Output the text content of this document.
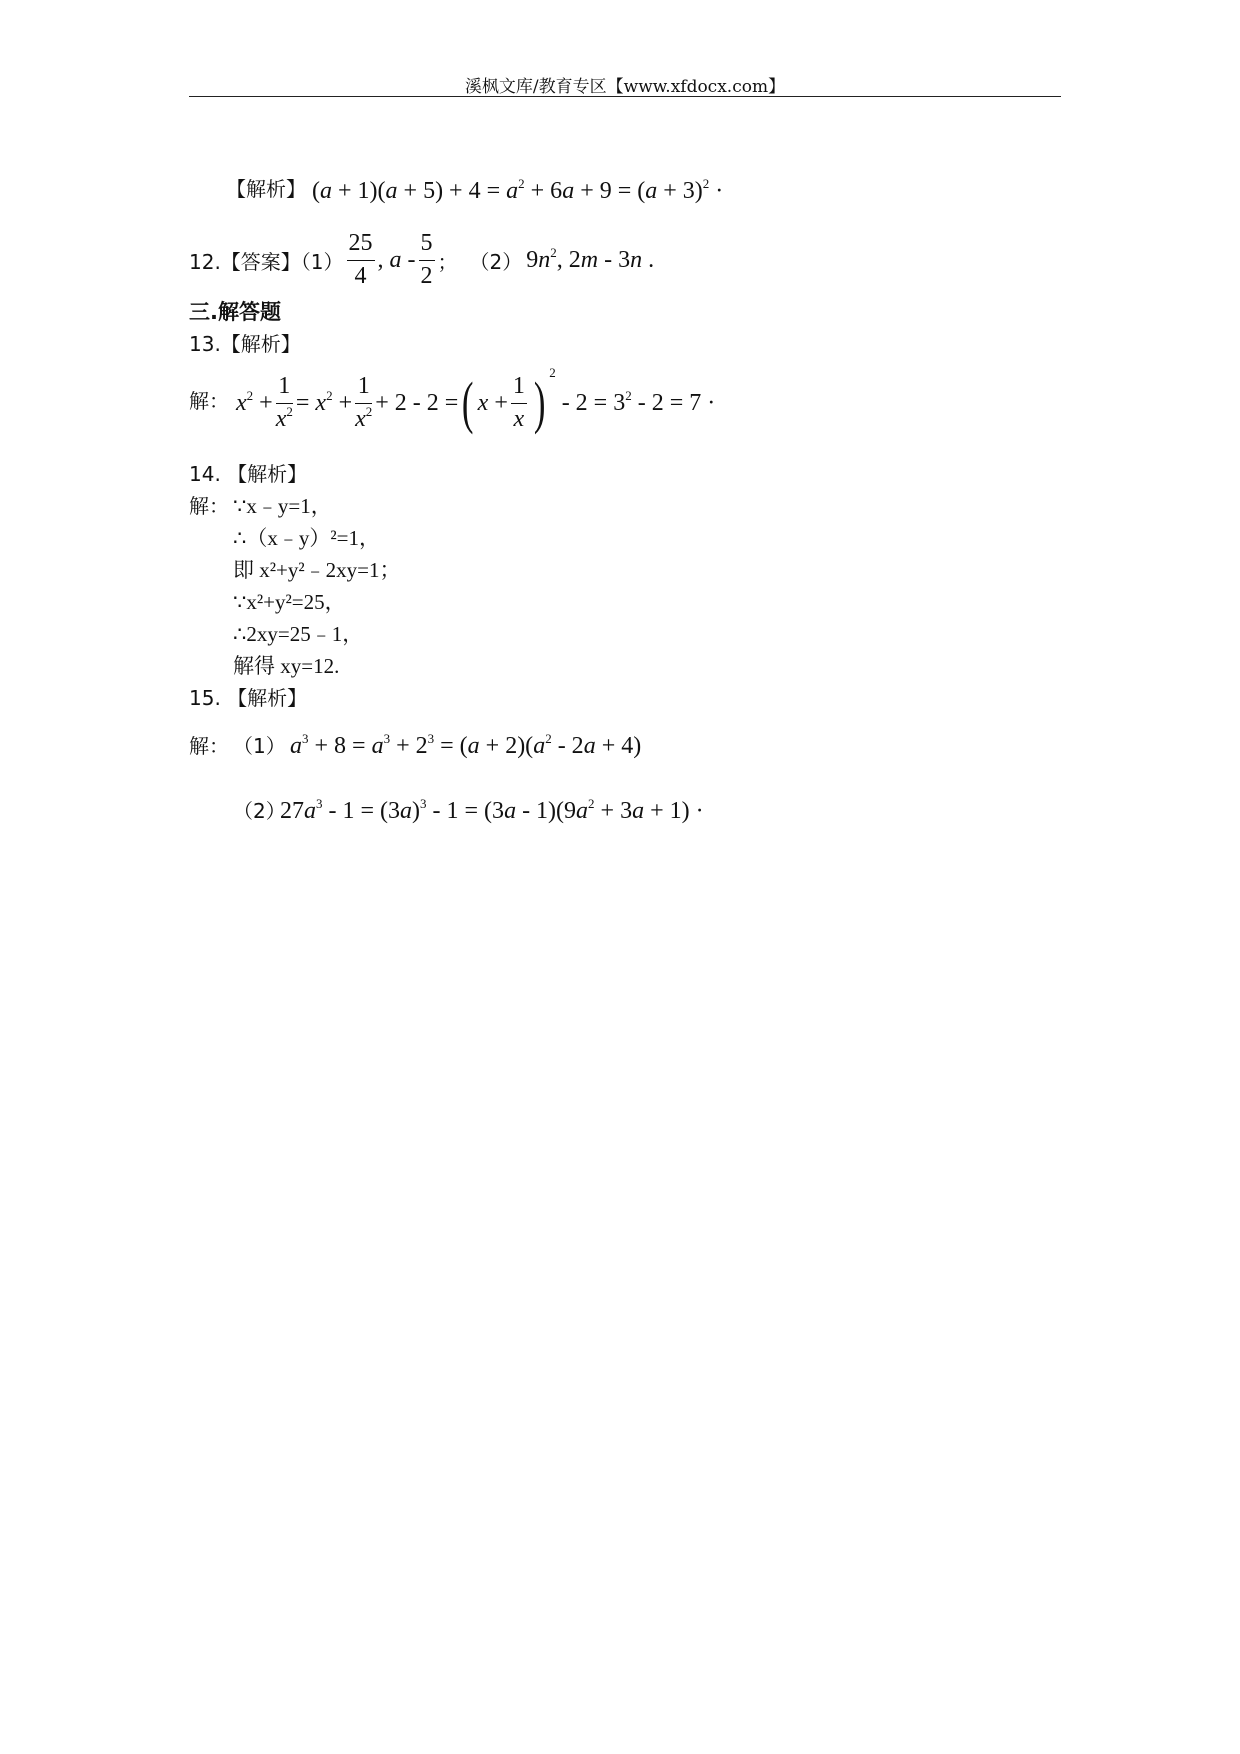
溪枫文库/教育专区【www.xfdocx.com】
【解析】 $(a + 1)(a + 5) + 4 = a^2 + 6a + 9 = (a + 3)^2$ ·
12.【答案】$(1) \frac{25}{4}$ , a - $\frac{5}{2}$ ； （2） $9n^2$, 2m - 3n .
三.解答题
13.【解析】
解： $x^2 + \frac{1}{x^2} = x^2 + \frac{1}{x^2} + 2 - 2$ = ( $x + \frac{1}{x}$ ) 2
- $2 = 3^2 - 2 = 7$ ·
14. 【解析】
解： ∵x﹣y=1，
∴（x﹣y）²=1，
即 x²+y²﹣2xy=1；
∵x²+y²=25，
∴2xy=25﹣1，
解得 xy=12.
15. 【解析】
解： （1） $a^3 + 8 = a^3 + 2^3 = (a + 2)(a^2 - 2a + 4)$
（2）
$27a^3 - 1 = (3a)^3 - 1 = (3a - 1)(9a^2 + 3a + 1)$ ·
